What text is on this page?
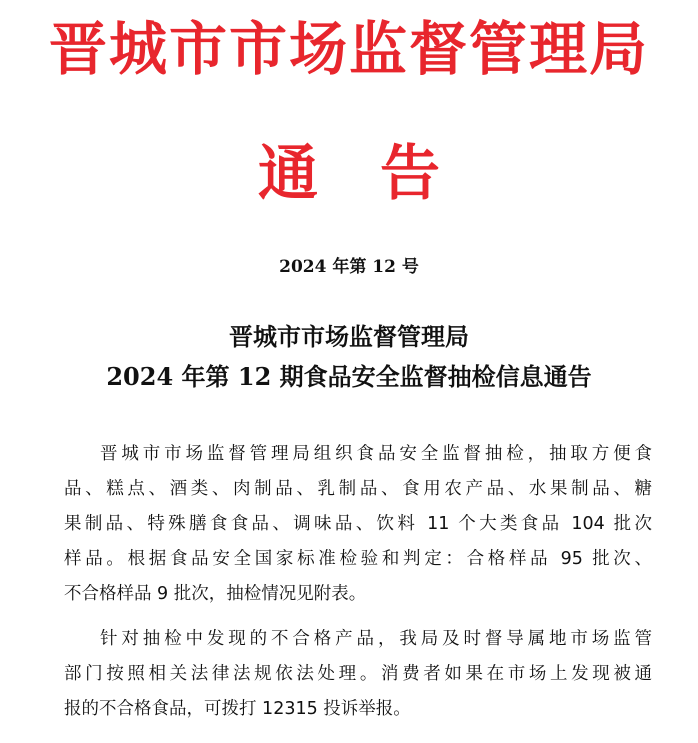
晋城市市场监督管理局
通 告
2024 年第 12 号
晋城市市场监督管理局
2024 年第 12 期食品安全监督抽检信息通告
晋城市市场监督管理局组织食品安全监督抽检，抽取方便食
品、糕点、酒类、肉制品、乳制品、食用农产品、水果制品、糖
果制品、特殊膳食食品、调味品、饮料 11 个大类食品 104 批次
样品。根据食品安全国家标准检验和判定：合格样品 95 批次、
不合格样品 9 批次，抽检情况见附表。
针对抽检中发现的不合格产品，我局及时督导属地市场监管
部门按照相关法律法规依法处理。消费者如果在市场上发现被通
报的不合格食品，可拨打 12315 投诉举报。
